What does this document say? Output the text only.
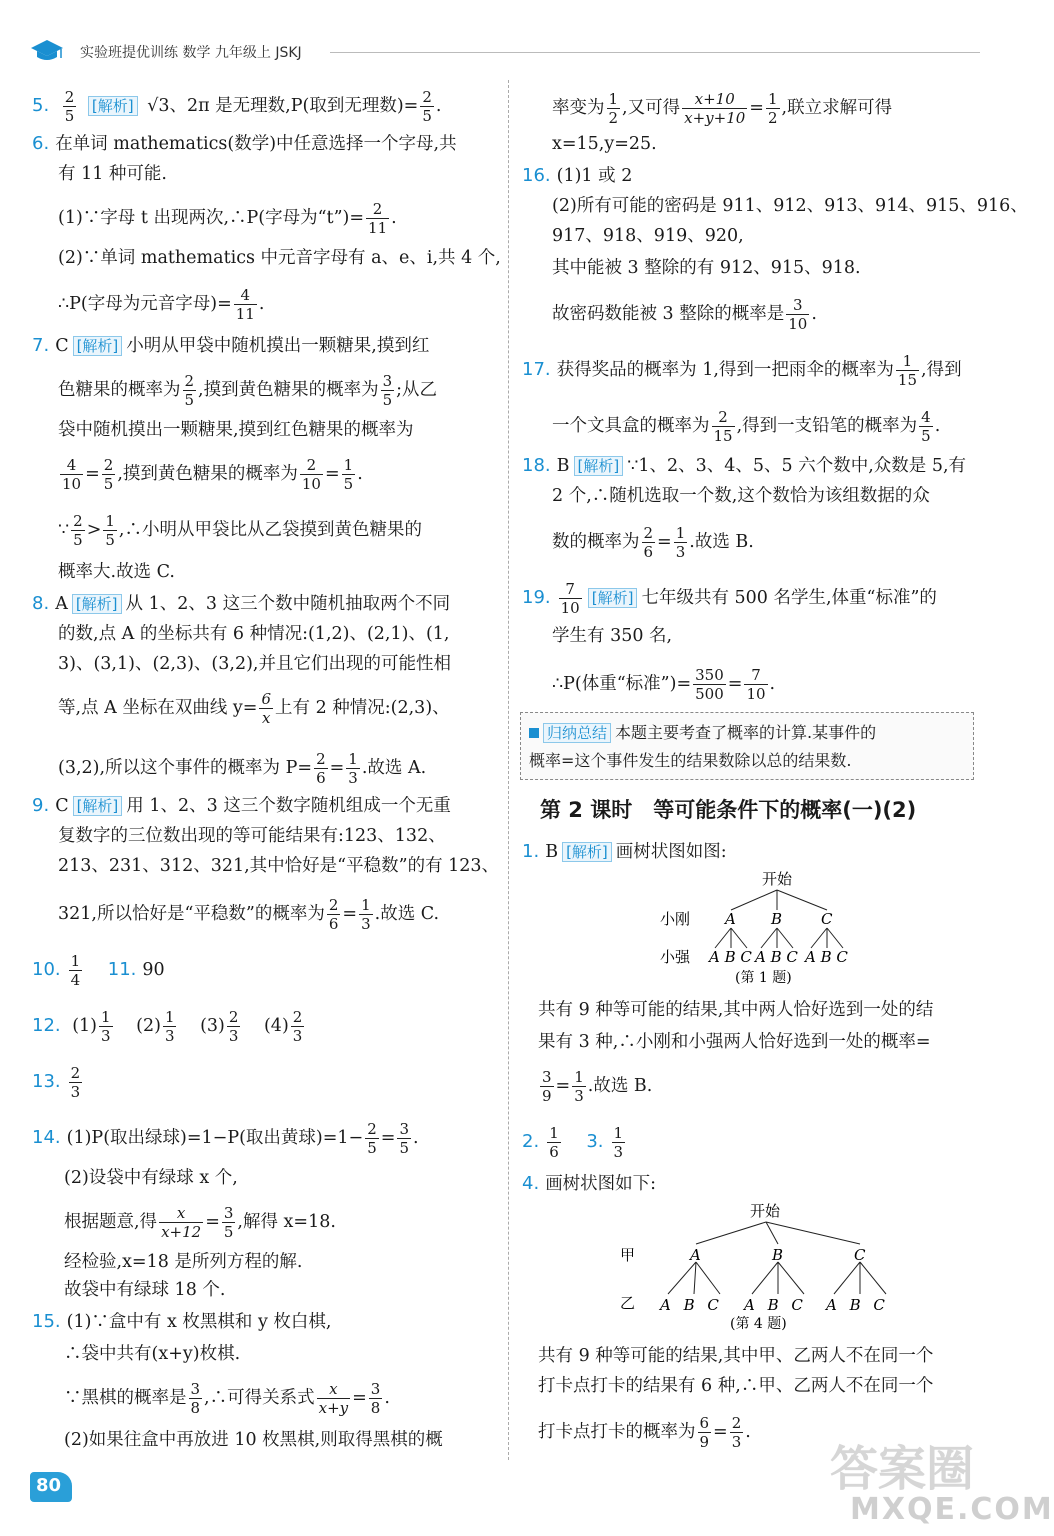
实验班提优训练 数学 九年级上 JSKJ
5. $\frac{2}{5}$ [解析] √3、2π 是无理数,P(取到无理数)= $\frac{2}{5}$ .
6. 在单词 mathematics(数学)中任意选择一个字母,共
有 11 种可能.
(1)∵字母 t 出现两次,∴P(字母为“t”)= $\frac{2}{11}$ .
(2)∵单词 mathematics 中元音字母有 a、e、i,共 4 个,
∴P(字母为元音字母)= $\frac{4}{11}$ .
7. C [解析] 小明从甲袋中随机摸出一颗糖果,摸到红
色糖果的概率为 $\frac{2}{5}$ ,摸到黄色糖果的概率为 $\frac{3}{5}$ ;从乙
袋中随机摸出一颗糖果,摸到红色糖果的概率为
$\frac{4}{10} = \frac{2}{5}$ ,摸到黄色糖果的概率为 $\frac{2}{10} = \frac{1}{5}$ .
∵ $\frac{2}{5} > \frac{1}{5}$ ,∴小明从甲袋比从乙袋摸到黄色糖果的
概率大.故选 C.
8. A [解析] 从 1、2、3 这三个数中随机抽取两个不同
的数,点 A 的坐标共有 6 种情况:(1,2)、(2,1)、(1,
3)、(3,1)、(2,3)、(3,2),并且它们出现的可能性相
等,点 A 坐标在双曲线 $y= \frac{6}{x}$ 上有 2 种情况:(2,3)、
(3,2),所以这个事件的概率为 $P= \frac{2}{6} = \frac{1}{3}$ .故选 A.
9. C [解析] 用 1、2、3 这三个数字随机组成一个无重
复数字的三位数出现的等可能结果有:123、132、
213、231、312、321,其中恰好是“平稳数”的有 123、
321,所以恰好是“平稳数”的概率为 $\frac{2}{6} = \frac{1}{3}$ .故选 C.
10. $\frac{1}{4} 11$. 90
12. $(1) \frac{1}{3} (2) \frac{1}{3} (3) \frac{2}{3} (4) \frac{2}{3}$
13. $\frac{2}{3}$
14. (1)P(取出绿球)=1−P(取出黄球)$=1- \frac{2}{5} = \frac{3}{5}$ .
(2)设袋中有绿球 x 个,
根据题意,得 $\frac{x}{x+12} = \frac{3}{5}$ ,解得 x=18.
经检验,x=18 是所列方程的解.
故袋中有绿球 18 个.
15. (1)∵盒中有 x 枚黑棋和 y 枚白棋,
∴袋中共有(x+y)枚棋.
∵黑棋的概率是 $\frac{3}{8}$ ,∴可得关系式 $\frac{x}{x+y} = \frac{3}{8}$ .
(2)如果往盒中再放进 10 枚黑棋,则取得黑棋的概
率变为 $\frac{1}{2}$ ,又可得 $\frac{x+10}{x+y+10} = \frac{1}{2}$ ,联立求解可得
x=15,y=25.
16. (1)1 或 2
(2)所有可能的密码是 911、912、913、914、915、916、
917、918、919、920,
其中能被 3 整除的有 912、915、918.
故密码数能被 3 整除的概率是 $\frac{3}{10}$ .
17. 获得奖品的概率为 1,得到一把雨伞的概率为 $\frac{1}{15}$ ,得到
一个文具盒的概率为 $\frac{2}{15}$ ,得到一支铅笔的概率为 $\frac{4}{5}$ .
18. B [解析] ∵1、2、3、4、5、5 六个数中,众数是 5,有
2 个,∴随机选取一个数,这个数恰为该组数据的众
数的概率为 $\frac{2}{6} = \frac{1}{3}$ .故选 B.
19. $\frac{7}{10}$ [解析] 七年级共有 500 名学生,体重“标准”的
学生有 350 名,
∴P(体重“标准”)= $\frac{350}{500} = \frac{7}{10}$ .
归纳总结 本题主要考查了概率的计算.某事件的
概率=这个事件发生的结果数除以总的结果数.
第 2 课时　等可能条件下的概率(一)(2)
1. B [解析] 画树状图如图:
开始
小刚
小强
A B	C
A B C A B C A B C
(第 1 题)
共有 9 种等可能的结果,其中两人恰好选到一处的结
果有 3 种,∴小刚和小强两人恰好选到一处的概率=
$\frac{3}{9} = \frac{1}{3}$ .故选 B.
2. $\frac{1}{6} 3$. $\frac{1}{3}$
4. 画树状图如下:
开始
甲
乙
A	B	C
A B C A B C A B C
(第 4 题)
共有 9 种等可能的结果,其中甲、乙两人不在同一个
打卡点打卡的结果有 6 种,∴甲、乙两人不在同一个
打卡点打卡的概率为 $\frac{6}{9} = \frac{2}{3}$ .
80	答案圈
MXQE.COM
